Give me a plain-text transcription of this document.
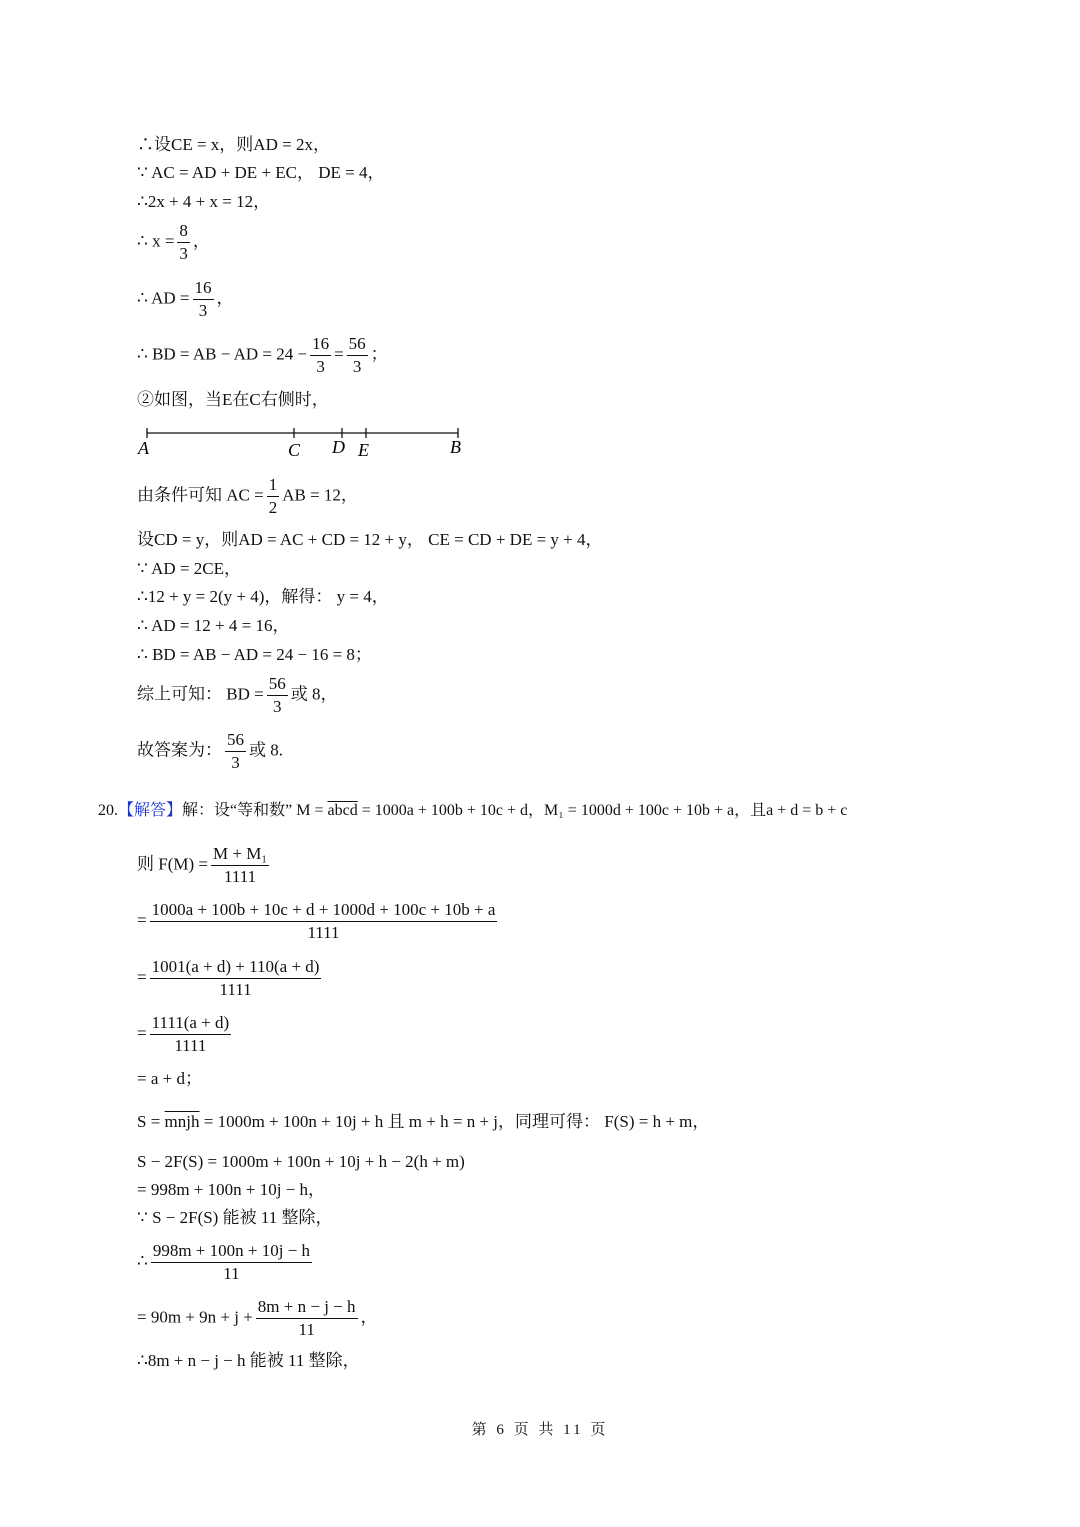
∴设CE = x，则AD = 2x，
∵ AC = AD + DE + EC， DE = 4，
∴2x + 4 + x = 12，
∴ $x = \frac{8}{3}$ ，
∴ AD = $\frac{16}{3}$ ，
∴ BD = AB − AD = $24 - \frac{16}{3} = \frac{56}{3}$ ；
②如图，当E在C右侧时，
A	C D E	B
由条件可知 AC = $\frac{1}{2}$ AB = 12，
设CD = y，则AD = AC + CD = 12 + y， CE = CD + DE = y + 4，
∵ AD = 2CE，
∴12 + y = 2(y + 4)，解得： y = 4，
∴ AD = 12 + 4 = 16，
∴ BD = AB − AD = 24 − 16 = 8；
综上可知： BD = $\frac{56}{3}$ 或 8，
故答案为： $\frac{56}{3}$ 或 8.
20.【解答】解：设“等和数” M = abcd = 1000a + 100b + 10c + d，M₁ = 1000d + 100c + 10b + a，且a + d = b + c
则 $F(M) = \frac{\text{M + M₁}}{1111}$
= $\frac{1000a + 100b + 10c + d + 1000d + 100c + 10b + a}{1111}$
= $\frac{1001(a + d) + 110(a + d)}{1111}$
= $\frac{1111(a + d)}{1111}$
= a + d；
S = mnjh = 1000m + 100n + 10j + h 且 m + h = n + j，同理可得： F(S) = h + m，
S − 2F(S) = 1000m + 100n + 10j + h − 2(h + m)
= 998m + 100n + 10j − h，
∵ S − 2F(S) 能被 11 整除，
∴ $\frac{998m + 100n + 10j - h}{11}$
= $90m + 9n + j + \frac{8m + n - j - h}{11}$ ，
∴8m + n − j − h 能被 11 整除，
第 6 页 共 11 页
